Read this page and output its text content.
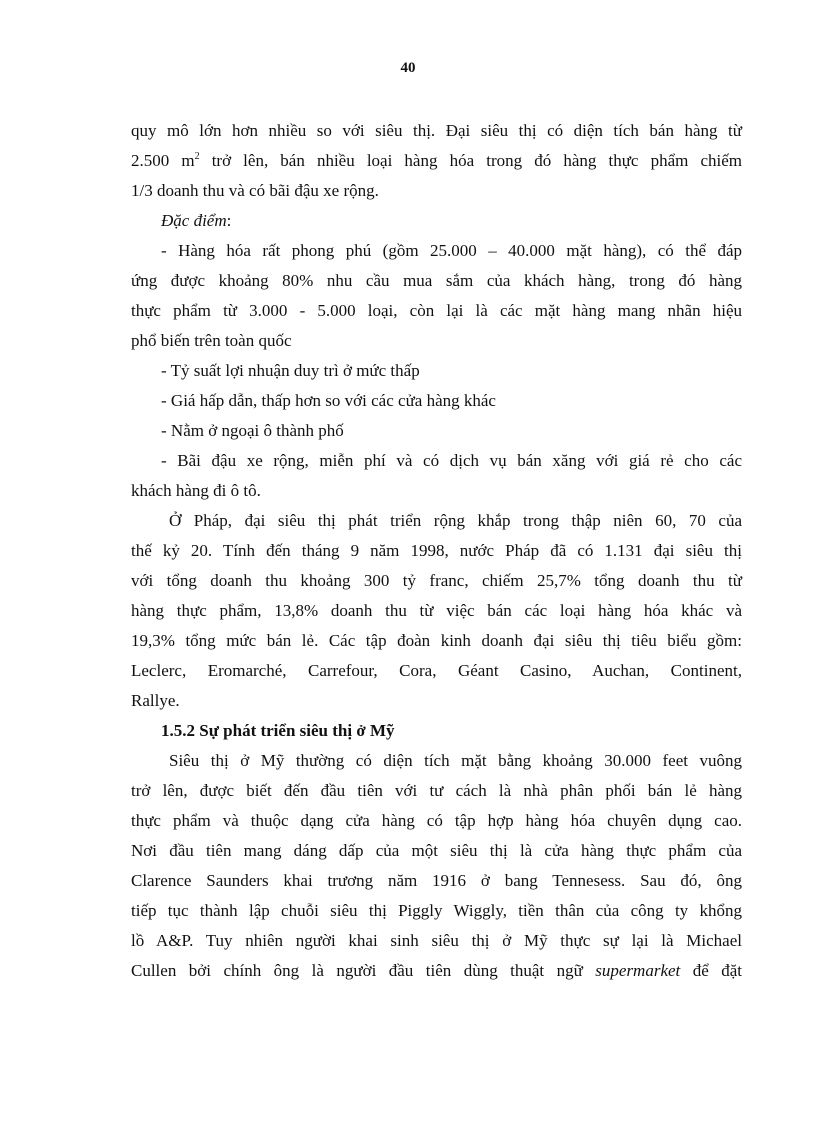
40
quy mô lớn hơn nhiều so với siêu thị. Đại siêu thị có diện tích bán hàng từ
2.500 $m^2$ trở lên, bán nhiều loại hàng hóa trong đó hàng thực phẩm chiếm
1/3 doanh thu và có bãi đậu xe rộng.
Đặc điểm:
- Hàng hóa rất phong phú (gồm 25.000 – 40.000 mặt hàng), có thể đáp
ứng được khoảng 80% nhu cầu mua sắm của khách hàng, trong đó hàng
thực phẩm từ 3.000 - 5.000 loại, còn lại là các mặt hàng mang nhãn hiệu
phổ biến trên toàn quốc
- Tỷ suất lợi nhuận duy trì ở mức thấp
- Giá hấp dẫn, thấp hơn so với các cửa hàng khác
- Nằm ở ngoại ô thành phố
- Bãi đậu xe rộng, miễn phí và có dịch vụ bán xăng với giá rẻ cho các
khách hàng đi ô tô.
Ở Pháp, đại siêu thị phát triển rộng khắp trong thập niên 60, 70 của
thế kỷ 20. Tính đến tháng 9 năm 1998, nước Pháp đã có 1.131 đại siêu thị
với tổng doanh thu khoảng 300 tỷ franc, chiếm 25,7% tổng doanh thu từ
hàng thực phẩm, 13,8% doanh thu từ việc bán các loại hàng hóa khác và
19,3% tổng mức bán lẻ. Các tập đoàn kinh doanh đại siêu thị tiêu biểu gồm:
Leclerc, Eromarché, Carrefour, Cora, Géant Casino, Auchan, Continent,
Rallye.
1.5.2 Sự phát triển siêu thị ở Mỹ
Siêu thị ở Mỹ thường có diện tích mặt bằng khoảng 30.000 feet vuông
trở lên, được biết đến đầu tiên với tư cách là nhà phân phối bán lẻ hàng
thực phẩm và thuộc dạng cửa hàng có tập hợp hàng hóa chuyên dụng cao.
Nơi đầu tiên mang dáng dấp của một siêu thị là cửa hàng thực phẩm của
Clarence Saunders khai trương năm 1916 ở bang Tennesess. Sau đó, ông
tiếp tục thành lập chuỗi siêu thị Piggly Wiggly, tiền thân của công ty khổng
lồ A&P. Tuy nhiên người khai sinh siêu thị ở Mỹ thực sự lại là Michael
Cullen bởi chính ông là người đầu tiên dùng thuật ngữ supermarket để đặt
